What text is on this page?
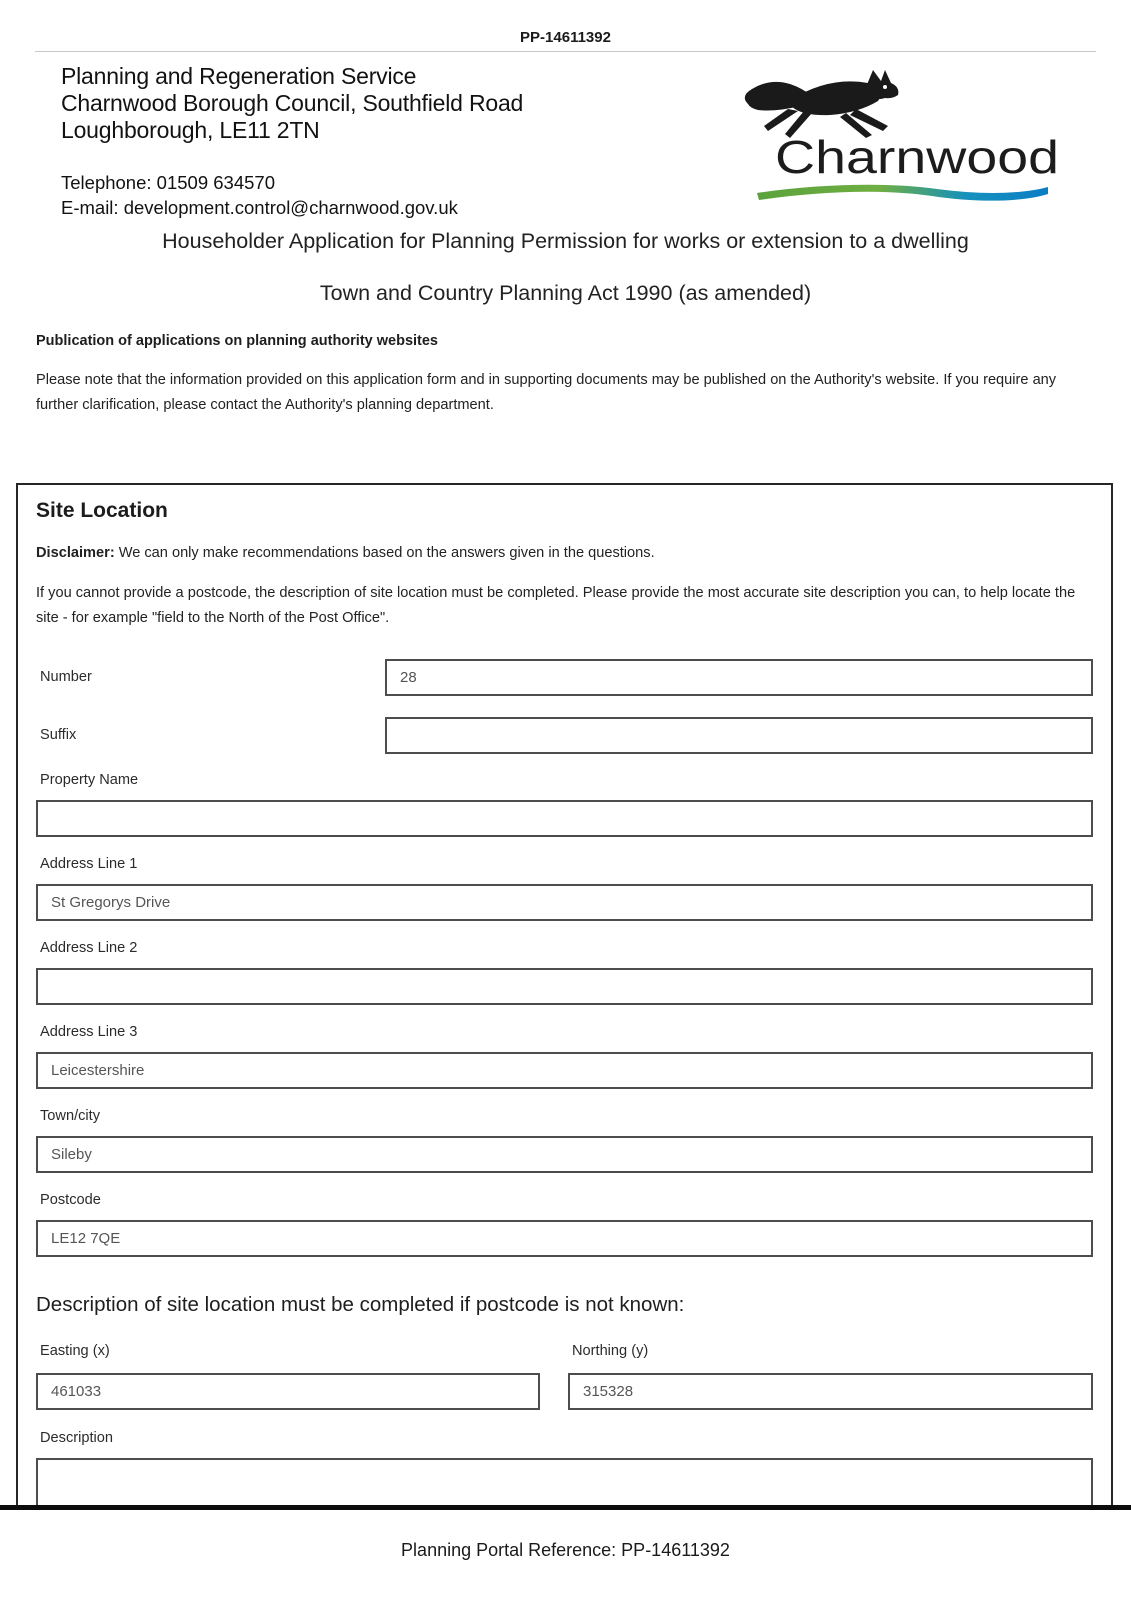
PP-14611392
Planning and Regeneration Service
Charnwood Borough Council, Southfield Road
Loughborough, LE11 2TN
Telephone: 01509 634570
E-mail: development.control@charnwood.gov.uk
Charnwood
Householder Application for Planning Permission for works or extension to a dwelling
Town and Country Planning Act 1990 (as amended)
Publication of applications on planning authority websites
Please note that the information provided on this application form and in supporting documents may be published on the Authority's website. If you require any further clarification, please contact the Authority's planning department.
Site Location
Disclaimer: We can only make recommendations based on the answers given in the questions.
If you cannot provide a postcode, the description of site location must be completed. Please provide the most accurate site description you can, to help locate the site - for example "field to the North of the Post Office".
Number
28
Suffix
Property Name
Address Line 1
St Gregorys Drive
Address Line 2
Address Line 3
Leicestershire
Town/city
Sileby
Postcode
LE12 7QE
Description of site location must be completed if postcode is not known:
Easting (x)	Northing (y)
461033
315328
Description
Planning Portal Reference: PP-14611392
